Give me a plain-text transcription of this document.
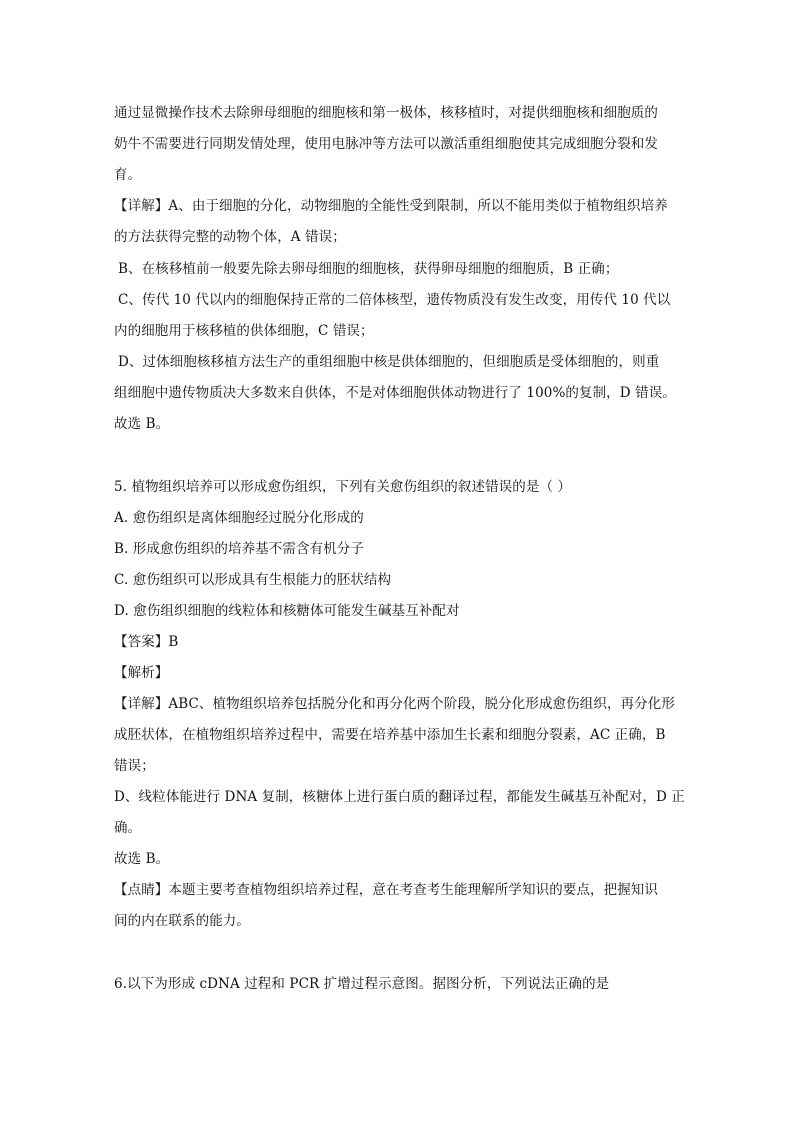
通过显微操作技术去除卵母细胞的细胞核和第一极体，核移植时，对提供细胞核和细胞质的
奶牛不需要进行同期发情处理，使用电脉冲等方法可以激活重组细胞使其完成细胞分裂和发
育。
【详解】A、由于细胞的分化，动物细胞的全能性受到限制，所以不能用类似于植物组织培养
的方法获得完整的动物个体，A 错误；
B、在核移植前一般要先除去卵母细胞的细胞核，获得卵母细胞的细胞质，B 正确；
C、传代 10 代以内的细胞保持正常的二倍体核型，遗传物质没有发生改变，用传代 10 代以
内的细胞用于核移植的供体细胞，C 错误；
D、过体细胞核移植方法生产的重组细胞中核是供体细胞的，但细胞质是受体细胞的，则重
组细胞中遗传物质决大多数来自供体，不是对体细胞供体动物进行了 100%的复制，D 错误。
故选 B。
5. 植物组织培养可以形成愈伤组织，下列有关愈伤组织的叙述错误的是（ ）
A. 愈伤组织是离体细胞经过脱分化形成的
B. 形成愈伤组织的培养基不需含有机分子
C. 愈伤组织可以形成具有生根能力的胚状结构
D. 愈伤组织细胞的线粒体和核糖体可能发生碱基互补配对
【答案】B
【解析】
【详解】ABC、植物组织培养包括脱分化和再分化两个阶段，脱分化形成愈伤组织，再分化形
成胚状体，在植物组织培养过程中，需要在培养基中添加生长素和细胞分裂素，AC 正确，B
错误；
D、线粒体能进行 DNA 复制，核糖体上进行蛋白质的翻译过程，都能发生碱基互补配对，D 正
确。
故选 B。
【点睛】本题主要考查植物组织培养过程，意在考查考生能理解所学知识的要点，把握知识
间的内在联系的能力。
6.以下为形成 cDNA 过程和 PCR 扩增过程示意图。据图分析，下列说法正确的是
